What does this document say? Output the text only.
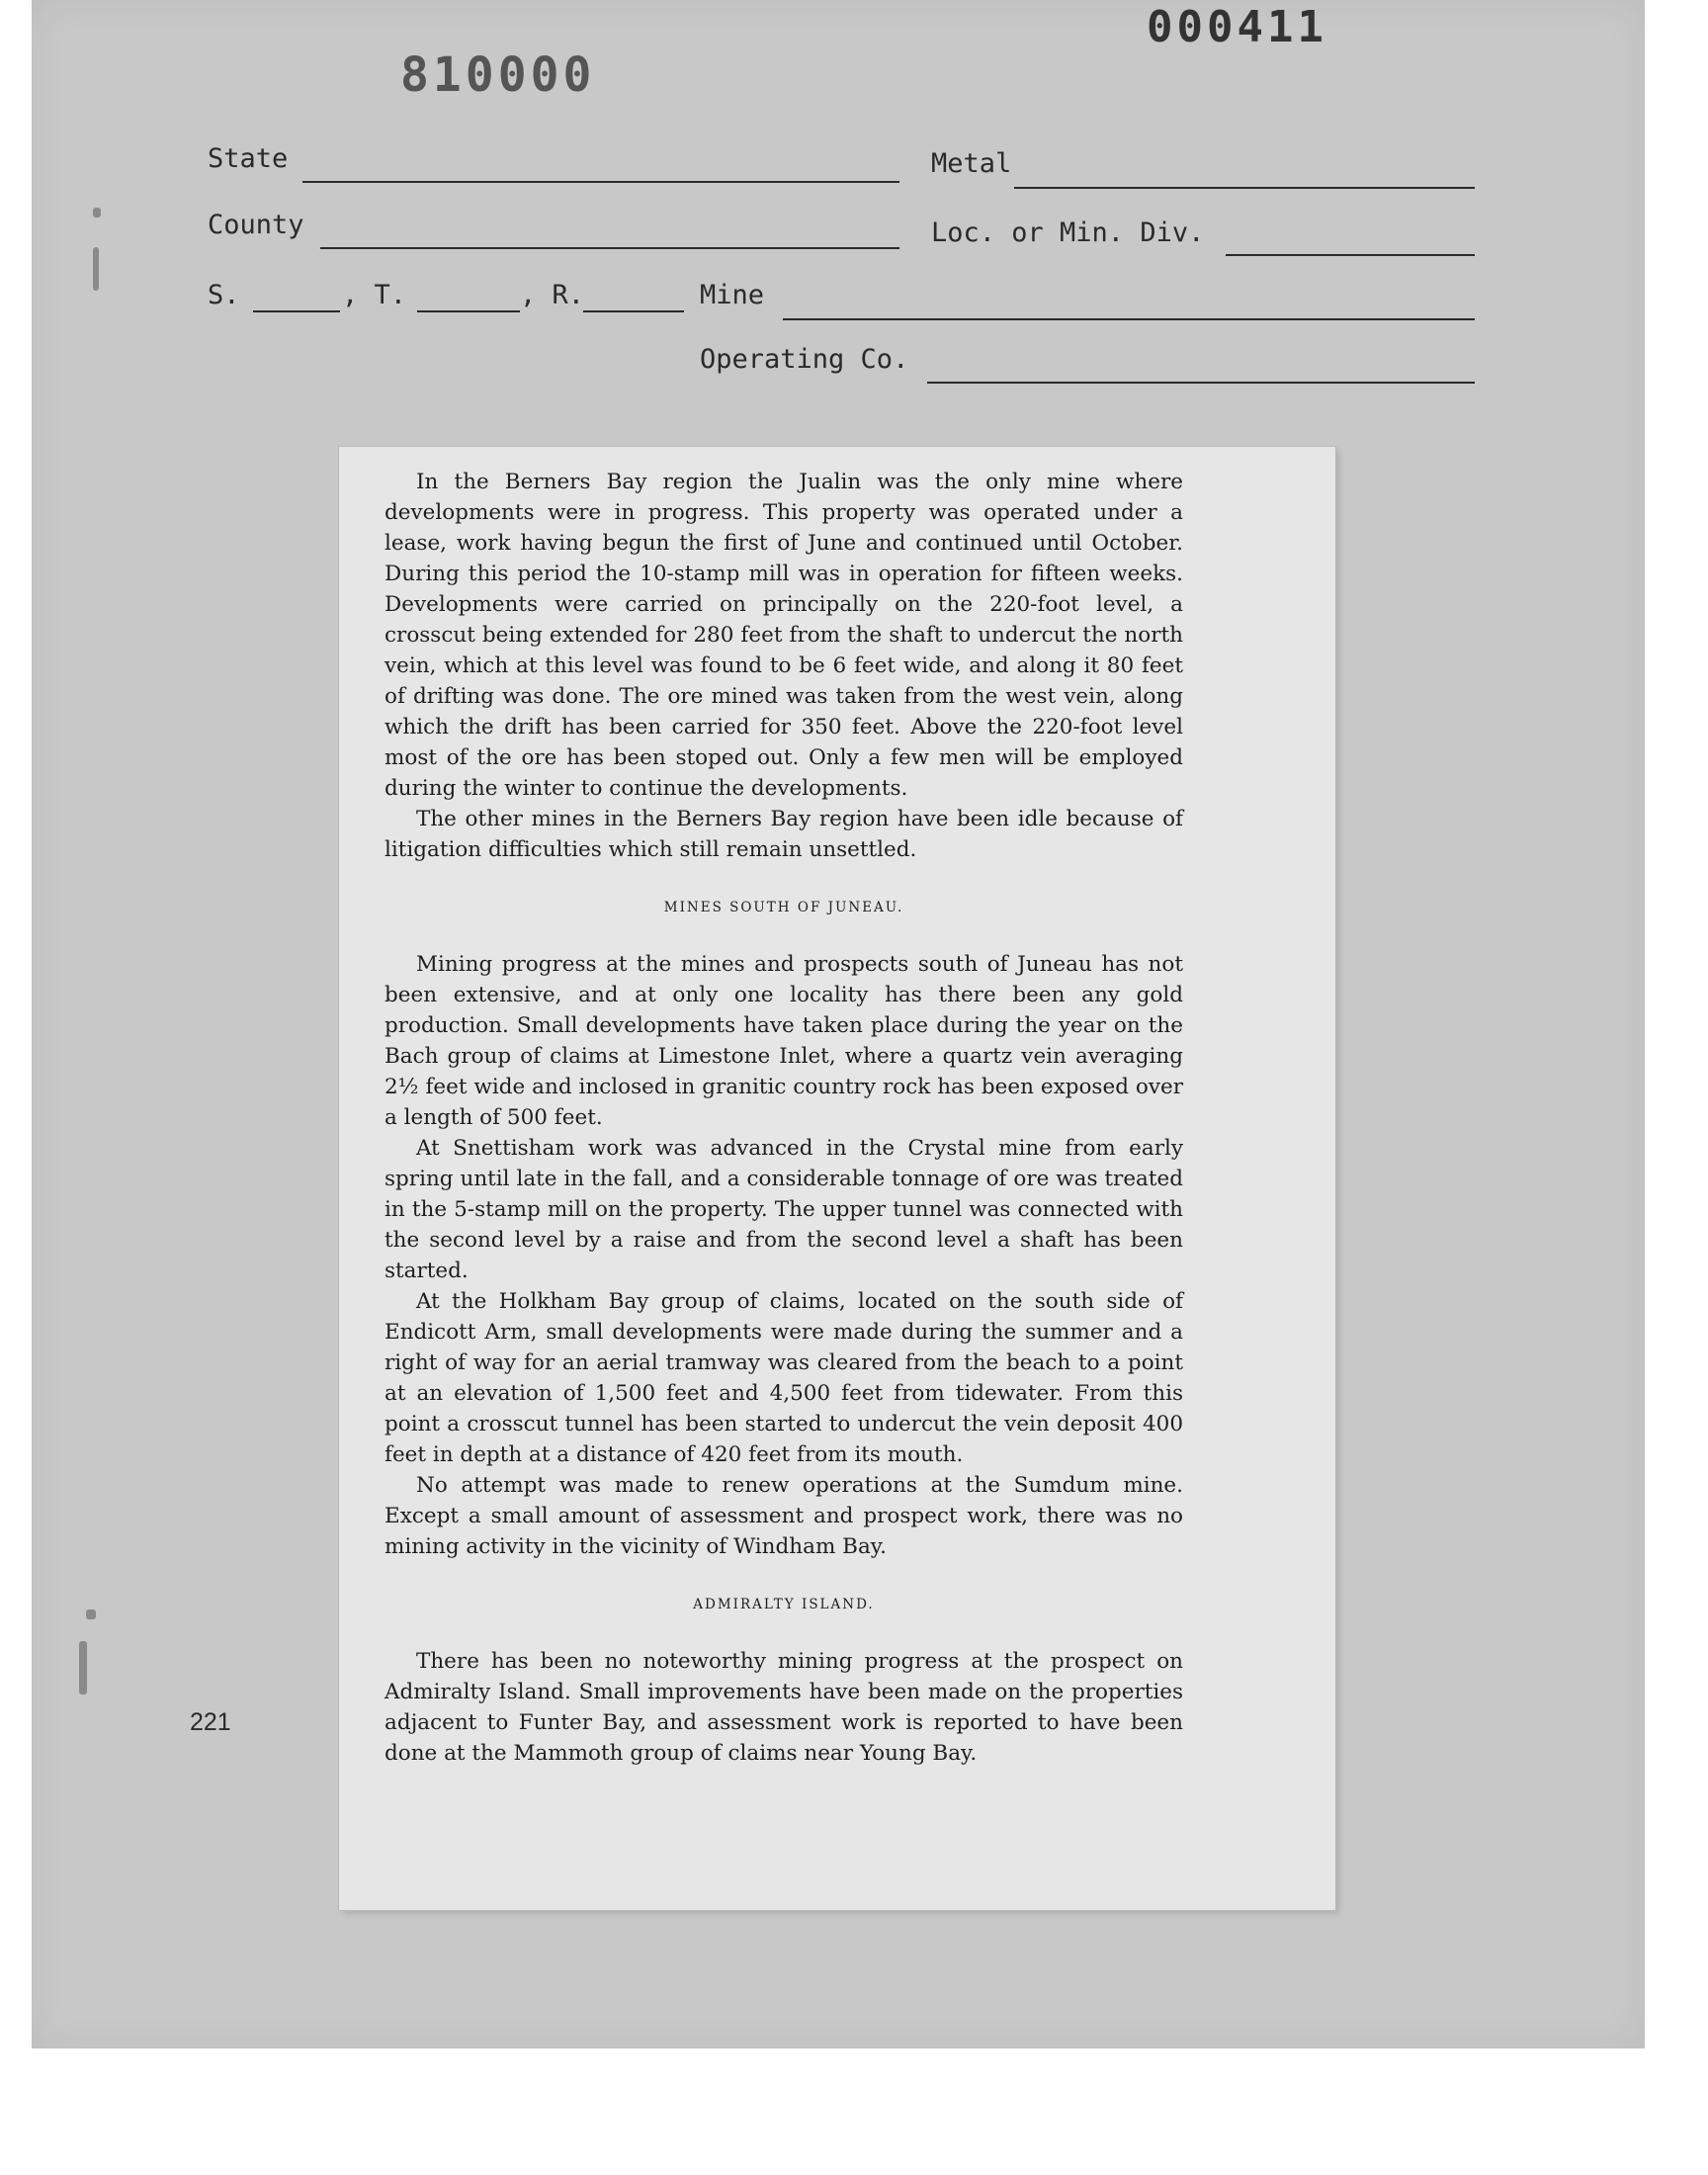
000411
810000
State	Metal
County	Loc. or Min. Div.
S.	, T.	, R.	Mine
Operating Co.

In the Berners Bay region the Jualin was the only mine where developments were in progress. This property was operated under a lease, work having begun the first of June and continued until October. During this period the 10-stamp mill was in operation for fifteen weeks. Developments were carried on principally on the 220-foot level, a crosscut being extended for 280 feet from the shaft to undercut the north vein, which at this level was found to be 6 feet wide, and along it 80 feet of drifting was done. The ore mined was taken from the west vein, along which the drift has been carried for 350 feet. Above the 220-foot level most of the ore has been stoped out. Only a few men will be employed during the winter to continue the developments.

The other mines in the Berners Bay region have been idle because of litigation difficulties which still remain unsettled.

MINES SOUTH OF JUNEAU.

Mining progress at the mines and prospects south of Juneau has not been extensive, and at only one locality has there been any gold production. Small developments have taken place during the year on the Bach group of claims at Limestone Inlet, where a quartz vein averaging 2½ feet wide and inclosed in granitic country rock has been exposed over a length of 500 feet.

At Snettisham work was advanced in the Crystal mine from early spring until late in the fall, and a considerable tonnage of ore was treated in the 5-stamp mill on the property. The upper tunnel was connected with the second level by a raise and from the second level a shaft has been started.

At the Holkham Bay group of claims, located on the south side of Endicott Arm, small developments were made during the summer and a right of way for an aerial tramway was cleared from the beach to a point at an elevation of 1,500 feet and 4,500 feet from tidewater. From this point a crosscut tunnel has been started to undercut the vein deposit 400 feet in depth at a distance of 420 feet from its mouth.

No attempt was made to renew operations at the Sumdum mine. Except a small amount of assessment and prospect work, there was no mining activity in the vicinity of Windham Bay.

ADMIRALTY ISLAND.

There has been no noteworthy mining progress at the prospect on Admiralty Island. Small improvements have been made on the properties adjacent to Funter Bay, and assessment work is reported to have been done at the Mammoth group of claims near Young Bay.

221
